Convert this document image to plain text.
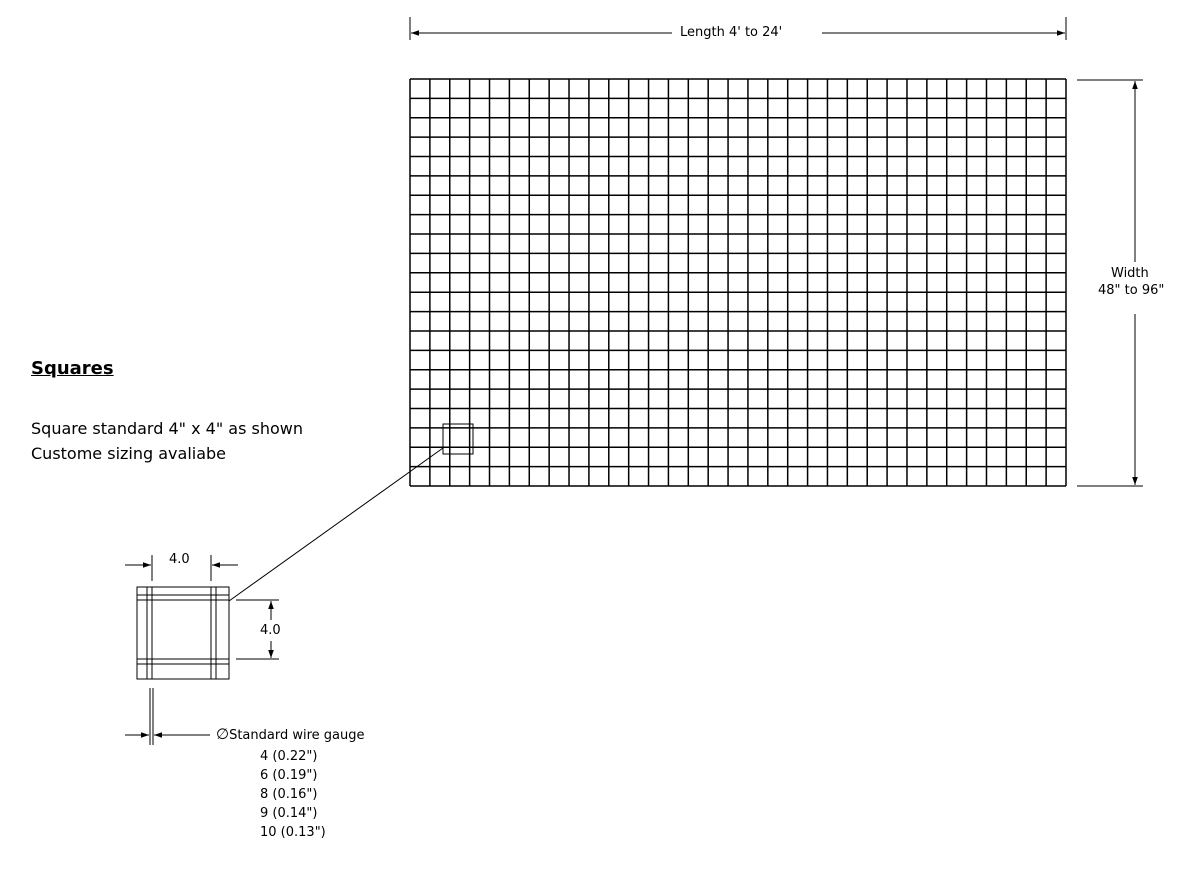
Length 4' to 24'
Width
48" to 96"
Squares
Square standard 4" x 4" as shown
Custome sizing avaliabe
4.0
4.0
∅Standard wire gauge
4 (0.22")
6 (0.19")
8 (0.16")
9 (0.14")
10 (0.13")
